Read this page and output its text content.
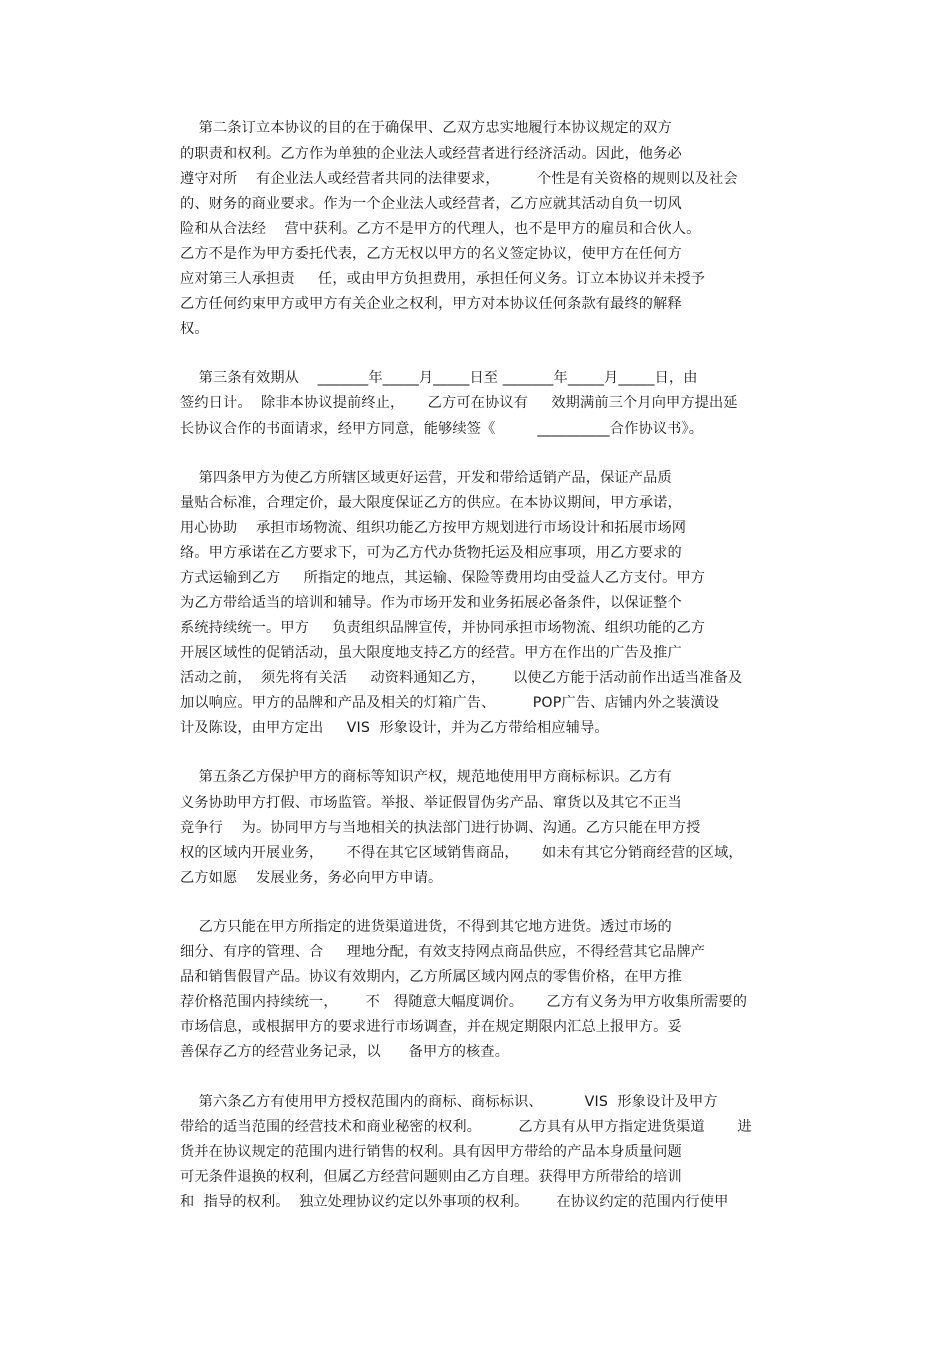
第二条订立本协议的目的在于确保甲、乙双方忠实地履行本协议规定的双方
的职责和权利。乙方作为单独的企业法人或经营者进行经济活动。因此，他务必
遵守对所    有企业法人或经营者共同的法律要求，        个性是有关资格的规则以及社会
的、财务的商业要求。作为一个企业法人或经营者，乙方应就其活动自负一切风
险和从合法经    营中获利。乙方不是甲方的代理人，也不是甲方的雇员和合伙人。
乙方不是作为甲方委托代表，乙方无权以甲方的名义签定协议，使甲方在任何方
应对第三人承担责     任，或由甲方负担费用，承担任何义务。订立本协议并未授予
乙方任何约束甲方或甲方有关企业之权利，甲方对本协议任何条款有最终的解释
权。
第三条有效期从    _______年_____月_____日至 _______年_____月_____日，由
签约日计。  除非本协议提前终止，     乙方可在协议有     效期满前三个月向甲方提出延
长协议合作的书面请求，经甲方同意，能够续签《         __________合作协议书》。
第四条甲方为使乙方所辖区域更好运营，开发和带给适销产品，保证产品质
量贴合标准，合理定价，最大限度保证乙方的供应。在本协议期间，甲方承诺，
用心协助    承担市场物流、组织功能乙方按甲方规划进行市场设计和拓展市场网
络。甲方承诺在乙方要求下，可为乙方代办货物托运及相应事项，用乙方要求的
方式运输到乙方     所指定的地点，其运输、保险等费用均由受益人乙方支付。甲方
为乙方带给适当的培训和辅导。作为市场开发和业务拓展必备条件，以保证整个
系统持续统一。甲方     负责组织品牌宣传，并协同承担市场物流、组织功能的乙方
开展区域性的促销活动，虽大限度地支持乙方的经营。甲方在作出的广告及推广
活动之前，  须先将有关活     动资料通知乙方，      以使乙方能于活动前作出适当准备及
加以响应。甲方的品牌和产品及相关的灯箱广告、        POP广告、店铺内外之装潢设
计及陈设，由甲方定出     VIS  形象设计，并为乙方带给相应辅导。
第五条乙方保护甲方的商标等知识产权，规范地使用甲方商标标识。乙方有
义务协助甲方打假、市场监管。举报、举证假冒伪劣产品、窜货以及其它不正当
竞争行    为。协同甲方与当地相关的执法部门进行协调、沟通。乙方只能在甲方授
权的区域内开展业务，     不得在其它区域销售商品，     如未有其它分销商经营的区域，
乙方如愿    发展业务，务必向甲方申请。
乙方只能在甲方所指定的进货渠道进货，不得到其它地方进货。透过市场的
细分、有序的管理、合     理地分配，有效支持网点商品供应，不得经营其它品牌产
品和销售假冒产品。协议有效期内，乙方所属区域内网点的零售价格，在甲方推
荐价格范围内持续统一，      不   得随意大幅度调价。     乙方有义务为甲方收集所需要的
市场信息，或根据甲方的要求进行市场调查，并在规定期限内汇总上报甲方。妥
善保存乙方的经营业务记录，以      备甲方的核查。
第六条乙方有使用甲方授权范围内的商标、商标标识、         VIS  形象设计及甲方
带给的适当范围的经营技术和商业秘密的权利。        乙方具有从甲方指定进货渠道       进
货并在协议规定的范围内进行销售的权利。具有因甲方带给的产品本身质量问题
可无条件退换的权利，但属乙方经营问题则由乙方自理。获得甲方所带给的培训
和  指导的权利。  独立处理协议约定以外事项的权利。      在协议约定的范围内行使甲
